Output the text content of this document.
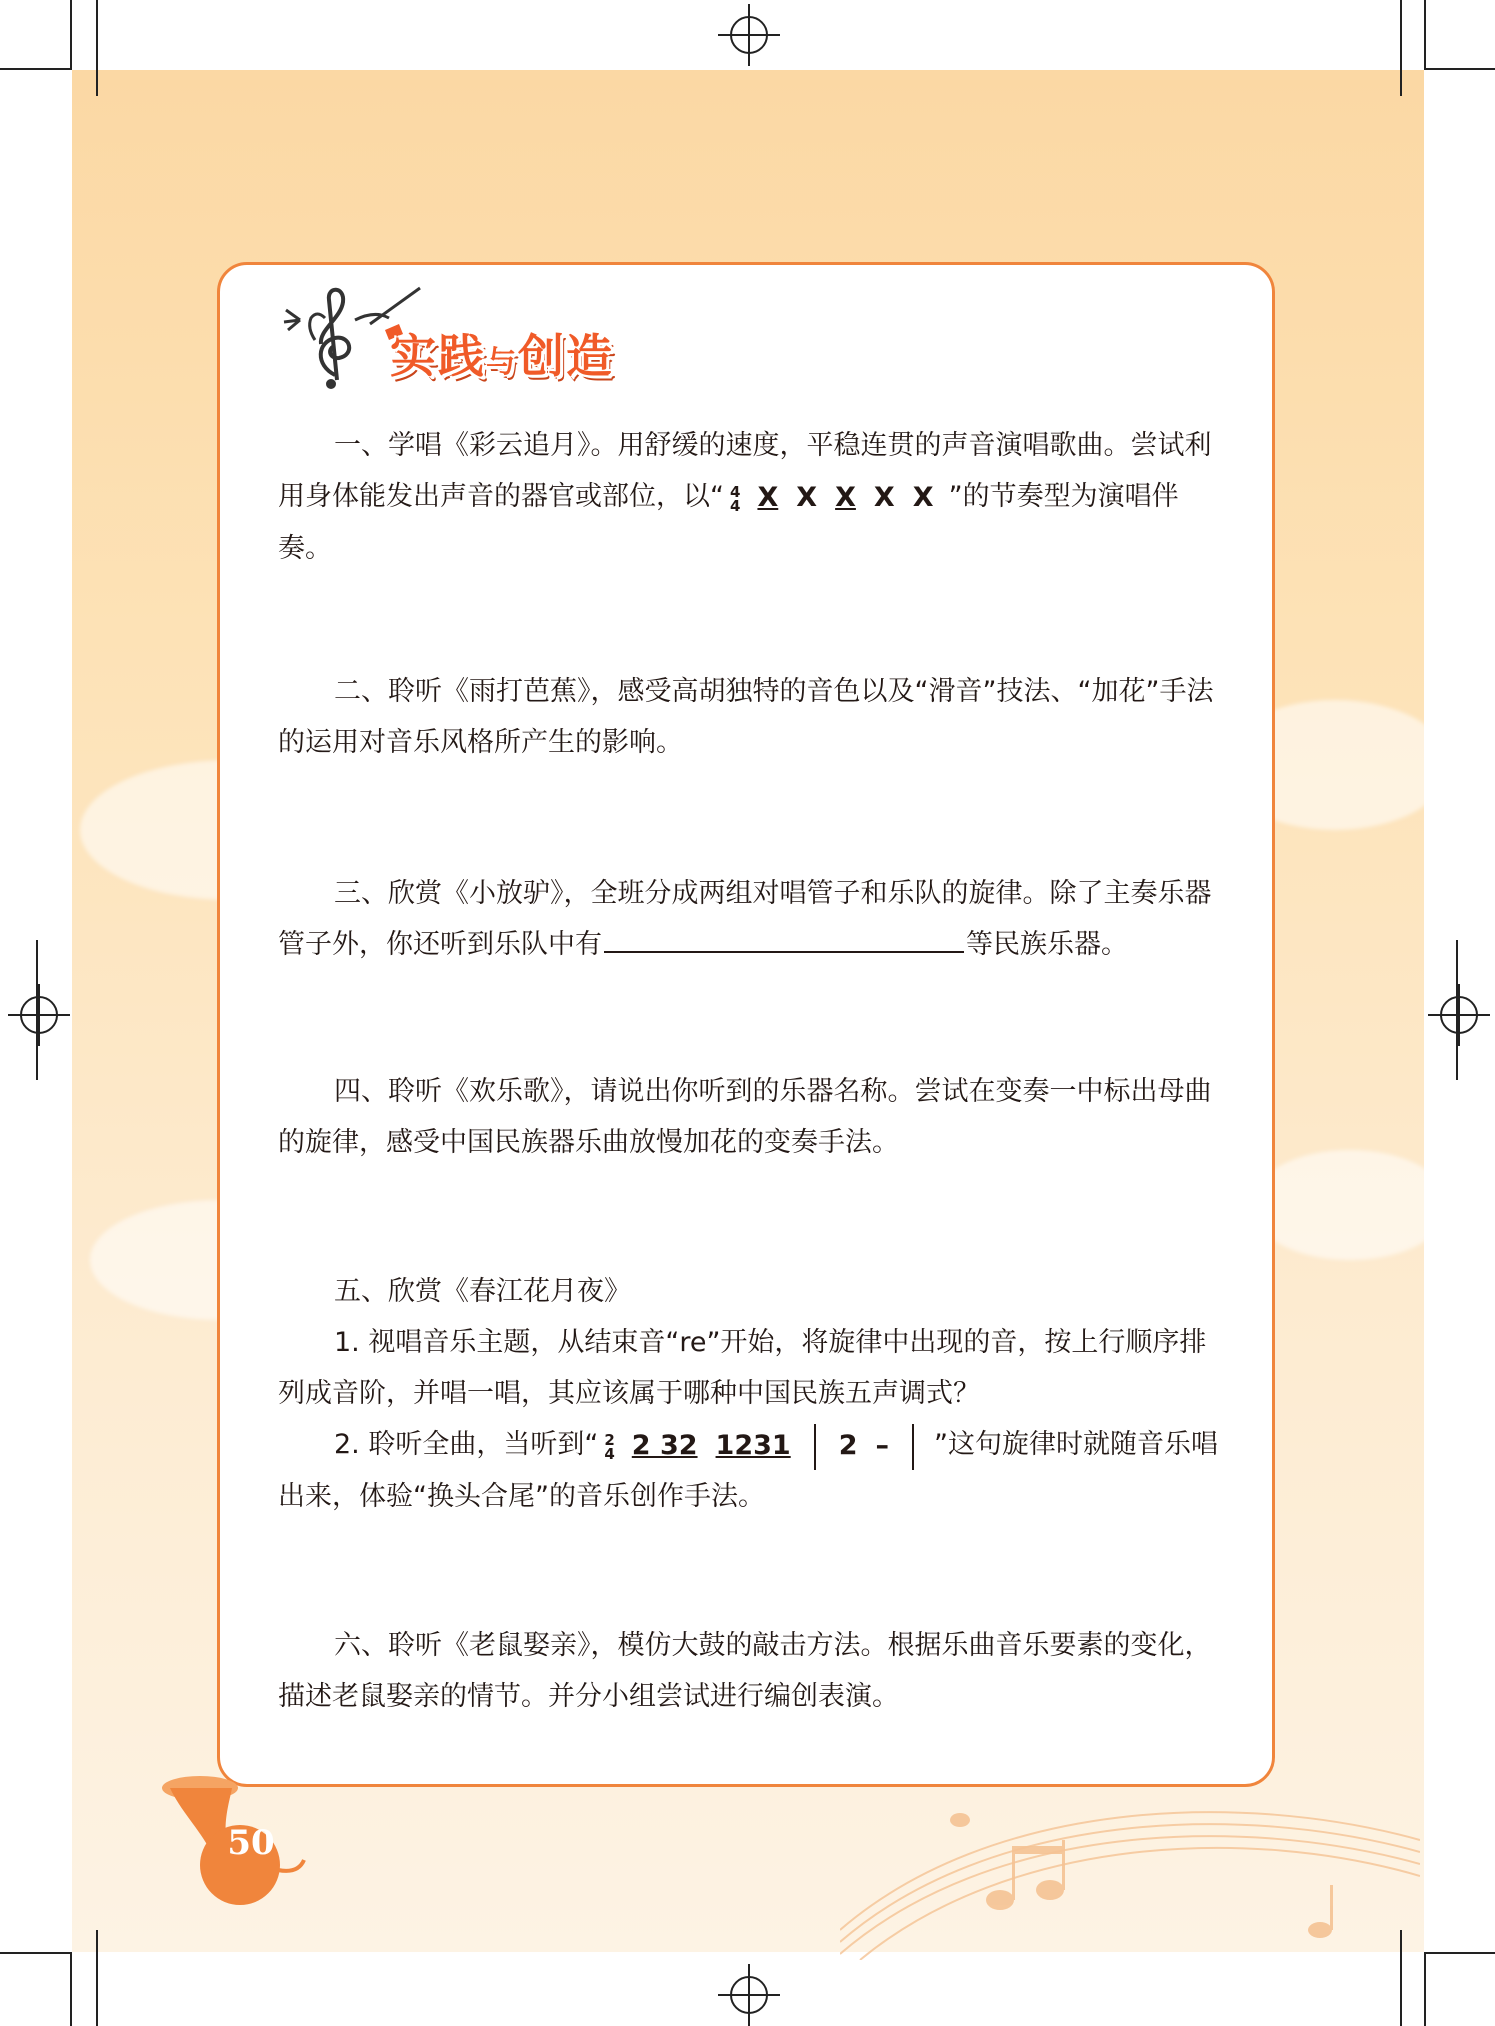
实践与创造

一、学唱《彩云追月》。用舒缓的速度，平稳连贯的声音演唱歌曲。尝试利用身体能发出声音的器官或部位，以“ 4
4 X X X X X ”的节奏型为演唱伴奏。

二、聆听《雨打芭蕉》，感受高胡独特的音色以及“滑音”技法、“加花”手法的运用对音乐风格所产生的影响。

三、欣赏《小放驴》，全班分成两组对唱管子和乐队的旋律。除了主奏乐器管子外，你还听到乐队中有	等民族乐器。

四、聆听《欢乐歌》，请说出你听到的乐器名称。尝试在变奏一中标出母曲的旋律，感受中国民族器乐曲放慢加花的变奏手法。

五、欣赏《春江花月夜》

1. 视唱音乐主题，从结束音“re”开始，将旋律中出现的音，按上行顺序排列成音阶，并唱一唱，其应该属于哪种中国民族五声调式？

2. 聆听全曲，当听到“ 2
4 2 32 1231 2 – ”这句旋律时就随音乐唱出来，体验“换头合尾”的音乐创作手法。

六、聆听《老鼠娶亲》，模仿大鼓的敲击方法。根据乐曲音乐要素的变化，描述老鼠娶亲的情节。并分小组尝试进行编创表演。

50
